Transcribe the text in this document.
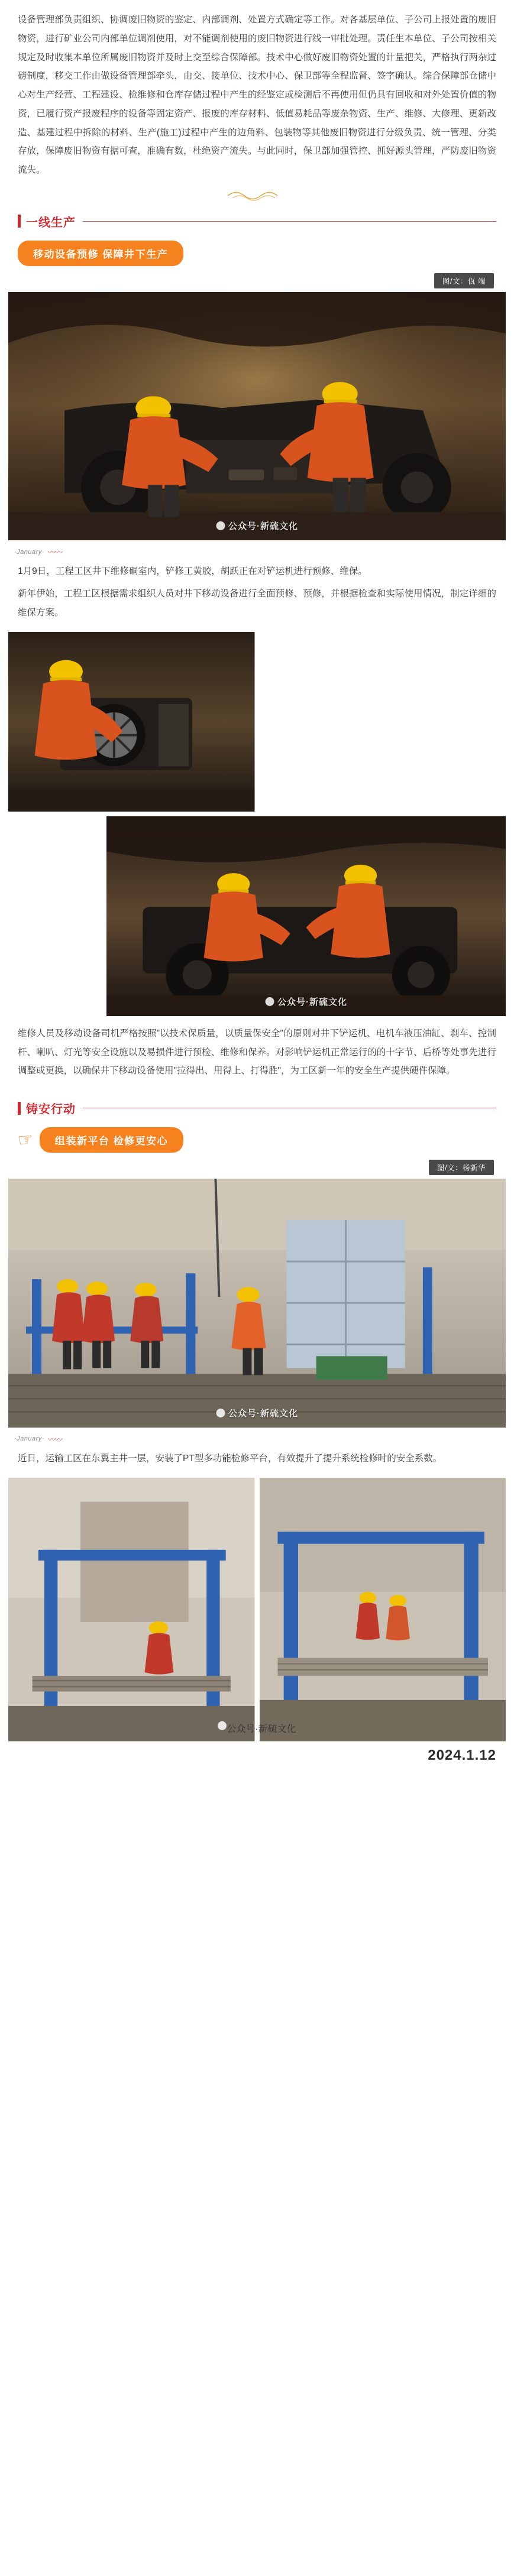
设备管理部负责组织、协调废旧物资的鉴定、内部调剂、处置方式确定等工作。对各基层单位、子公司上报处置的废旧物资，进行矿业公司内部单位调剂使用，对不能调剂使用的废旧物资进行线一审批处理。责任生本单位、子公司按相关规定及时收集本单位所属废旧物资并及时上交至综合保障部。技术中心做好废旧物资处置的计量把关，严格执行两杂过磅制度，移交工作由做设备管理部牵头，由交、接单位、技术中心、保卫部等全程监督、签字确认。综合保障部仓储中心对生产经营、工程建设、检维修和仓库存储过程中产生的经鉴定或检测后不再使用但仍具有回收和对外处置价值的物资，已履行资产报废程序的设备等固定资产、报废的库存材料、低值易耗品等废杂物资、生产、维修、大修理、更新改造、基建过程中拆除的材料、生产(施工)过程中产生的边角料、包装物等其他废旧物资进行分级负责、统一管理、分类存放，保障废旧物资有据可查，准确有数，杜绝资产流失。与此同时，保卫部加强管控、抓好源头管理，严防废旧物资流失。

一线生产
移动设备预修 保障井下生产
图/文：佤 端
公众号·新硫文化
·January· 〰〰

1月9日，工程工区井下维修硐室内，铲修工黄胶，胡跃正在对铲运机进行预修、维保。

新年伊始，工程工区根据需求组织人员对井下移动设备进行全面预修、预修，并根据检查和实际使用情况，制定详细的维保方案。

公众号·新硫文化

维修人员及移动设备司机严格按照"以技术保质量，以质量保安全"的原则对井下铲运机、电机车液压油缸、刹车、控制杆、喇叭、灯光等安全设施以及易损件进行预检、维修和保养。对影响铲运机正常运行的的十字节、后桥等处事先进行调整或更换，以确保井下移动设备使用"拉得出、用得上、打得胜"，为工区新一年的安全生产提供硬件保障。

铸安行动
☞	组装新平台 检修更安心
图/文：杨新华
公众号·新硫文化
·January· 〰〰

近日，运输工区在东翼主井一层，安装了PT型多功能检修平台，有效提升了提升系统检修时的安全系数。

公众号·新硫文化
2024.1.12
